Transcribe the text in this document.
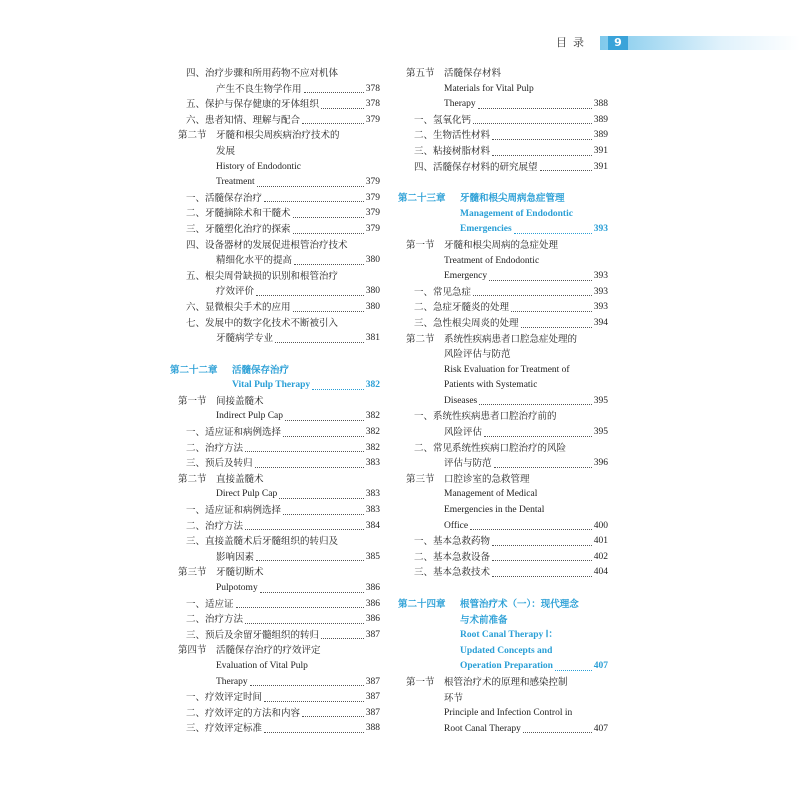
目录	9
四、治疗步骤和所用药物不应对机体
产生不良生物学作用	378
五、保护与保存健康的牙体组织	378
六、患者知情、理解与配合	379
第二节 牙髓和根尖周疾病治疗技术的
发展
History of Endodontic
Treatment	379
一、活髓保存治疗	379
二、牙髓摘除术和干髓术	379
三、牙髓塑化治疗的探索	379
四、设备器材的发展促进根管治疗技术
精细化水平的提高	380
五、根尖周骨缺损的识别和根管治疗
疗效评价	380
六、显微根尖手术的应用	380
七、发展中的数字化技术不断被引入
牙髓病学专业	381
第二十二章 活髓保存治疗
Vital Pulp Therapy	382
第一节 间接盖髓术
Indirect Pulp Cap	382
一、适应证和病例选择	382
二、治疗方法	382
三、预后及转归	383
第二节 直接盖髓术
Direct Pulp Cap	383
一、适应证和病例选择	383
二、治疗方法	384
三、直接盖髓术后牙髓组织的转归及
影响因素	385
第三节 牙髓切断术
Pulpotomy	386
一、适应证	386
二、治疗方法	386
三、预后及余留牙髓组织的转归	387
第四节 活髓保存治疗的疗效评定
Evaluation of Vital Pulp
Therapy	387
一、疗效评定时间	387
二、疗效评定的方法和内容	387
三、疗效评定标准	388
第五节 活髓保存材料
Materials for Vital Pulp
Therapy	388
一、氢氧化钙	389
二、生物活性材料	389
三、粘接树脂材料	391
四、活髓保存材料的研究展望	391
第二十三章 牙髓和根尖周病急症管理
Management of Endodontic
Emergencies	393
第一节 牙髓和根尖周病的急症处理
Treatment of Endodontic
Emergency	393
一、常见急症	393
二、急症牙髓炎的处理	393
三、急性根尖周炎的处理	394
第二节 系统性疾病患者口腔急症处理的
风险评估与防范
Risk Evaluation for Treatment of
Patients with Systematic
Diseases	395
一、系统性疾病患者口腔治疗前的
风险评估	395
二、常见系统性疾病口腔治疗的风险
评估与防范	396
第三节 口腔诊室的急救管理
Management of Medical
Emergencies in the Dental
Office	400
一、基本急救药物	401
二、基本急救设备	402
三、基本急救技术	404
第二十四章 根管治疗术（一）：现代理念
与术前准备
Root Canal Therapy Ⅰ：
Updated Concepts and
Operation Preparation	407
第一节 根管治疗术的原理和感染控制
环节
Principle and Infection Control in
Root Canal Therapy	407
